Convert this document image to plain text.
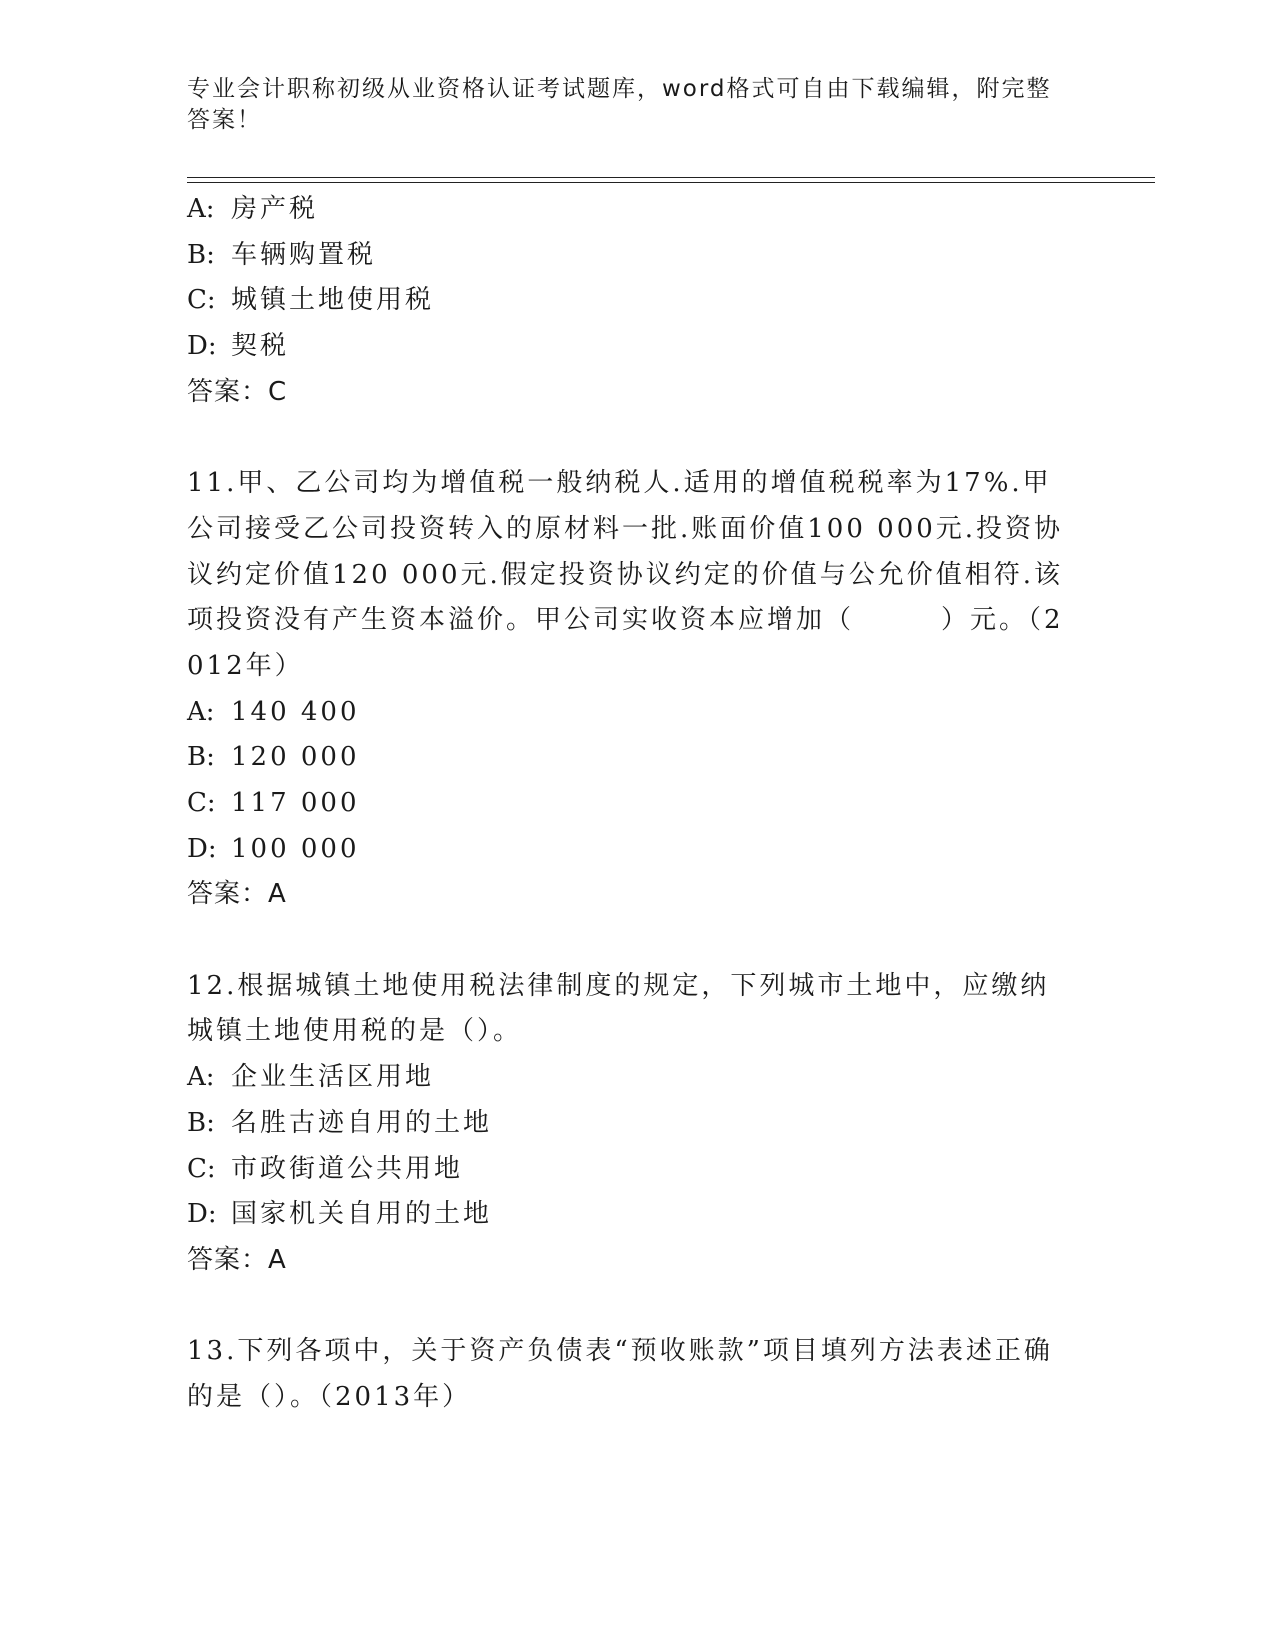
专业会计职称初级从业资格认证考试题库，word格式可自由下载编辑，附完整答案！
A: 房产税
B: 车辆购置税
C: 城镇土地使用税
D: 契税
答案：C
11.甲、乙公司均为增值税一般纳税人.适用的增值税税率为17%.甲公司接受乙公司投资转入的原材料一批.账面价值100 000元.投资协议约定价值120 000元.假定投资协议约定的价值与公允价值相符.该项投资没有产生资本溢价。甲公司实收资本应增加（　　　）元。（2012年）
A: 140 400
B: 120 000
C: 117 000
D: 100 000
答案：A
12.根据城镇土地使用税法律制度的规定，下列城市土地中，应缴纳城镇土地使用税的是（）。
A: 企业生活区用地
B: 名胜古迹自用的土地
C: 市政街道公共用地
D: 国家机关自用的土地
答案：A
13.下列各项中，关于资产负债表“预收账款”项目填列方法表述正确的是（）。（2013年）
